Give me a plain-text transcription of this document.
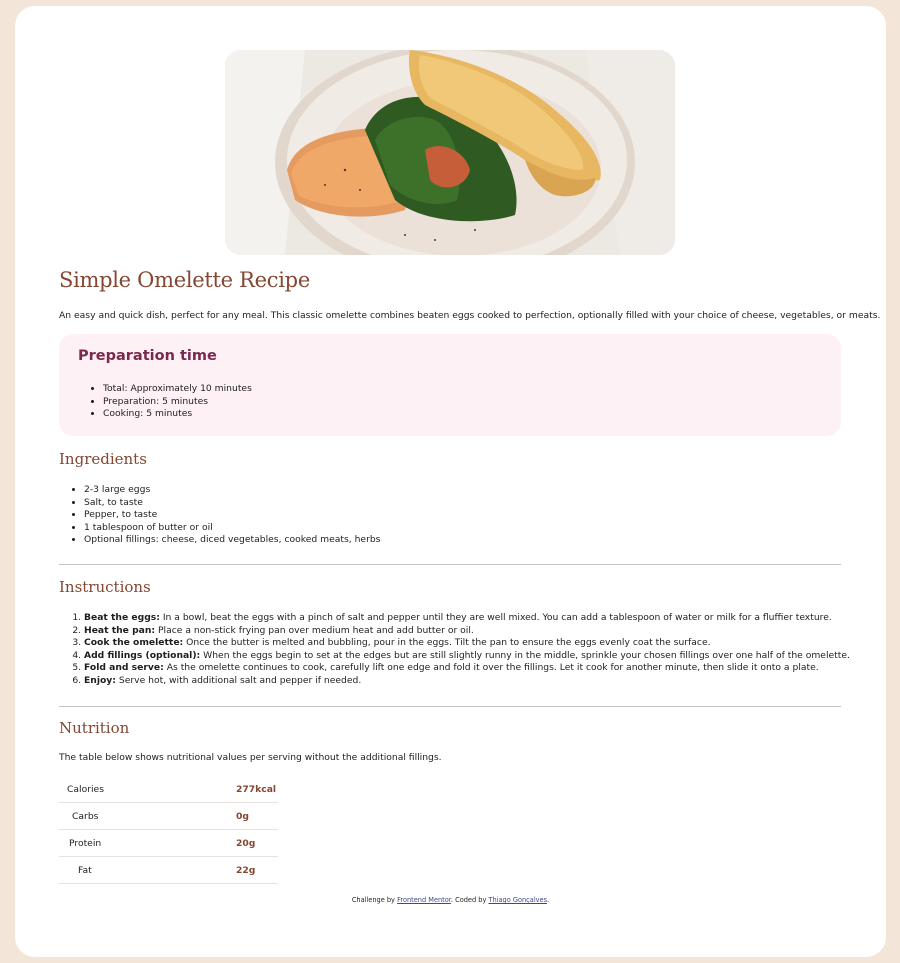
Simple Omelette Recipe

An easy and quick dish, perfect for any meal. This classic omelette combines beaten eggs cooked to perfection, optionally filled with your choice of cheese, vegetables, or meats.

Preparation time
• Total: Approximately 10 minutes
• Preparation: 5 minutes
• Cooking: 5 minutes
Ingredients
• 2-3 large eggs
• Salt, to taste
• Pepper, to taste
• 1 tablespoon of butter or oil
• Optional fillings: cheese, diced vegetables, cooked meats, herbs
Instructions
1. Beat the eggs: In a bowl, beat the eggs with a pinch of salt and pepper until they are well mixed. You can add a tablespoon of water or milk for a fluffier texture.
2. Heat the pan: Place a non-stick frying pan over medium heat and add butter or oil.
3. Cook the omelette: Once the butter is melted and bubbling, pour in the eggs. Tilt the pan to ensure the eggs evenly coat the surface.
4. Add fillings (optional): When the eggs begin to set at the edges but are still slightly runny in the middle, sprinkle your chosen fillings over one half of the omelette.
5. Fold and serve: As the omelette continues to cook, carefully lift one edge and fold it over the fillings. Let it cook for another minute, then slide it onto a plate.
6. Enjoy: Serve hot, with additional salt and pepper if needed.
Nutrition

The table below shows nutritional values per serving without the additional fillings.

Calories	277kcal
Carbs	0g
Protein	20g
Fat	22g
Challenge by Frontend Mentor. Coded by Thiago Gonçalves.
